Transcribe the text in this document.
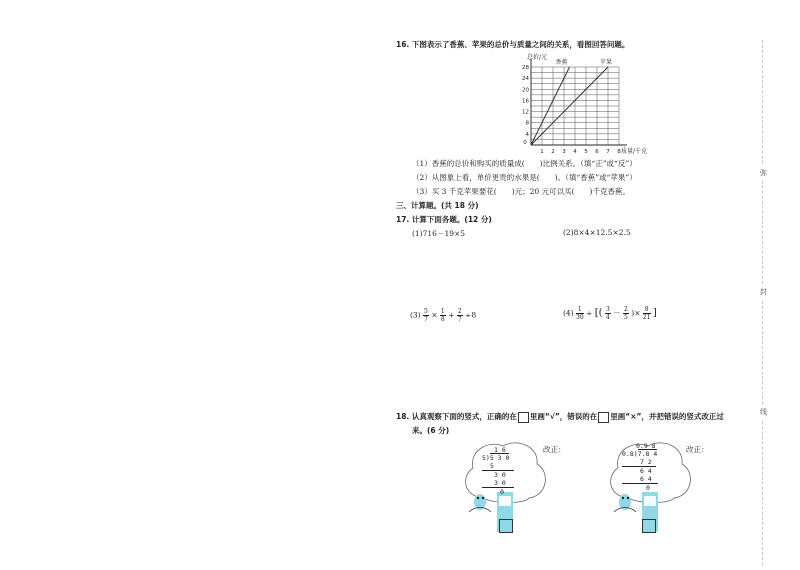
16. 下图表示了香蕉、苹果的总价与质量之间的关系，看图回答问题。
0
1 2 3 4 5 6 7 8
4
8
12
16
20
24
28
总价/元
质量/千克
香蕉	苹果
（1）香蕉的总价和购买的质量成(　　)比例关系。（填“正”或“反”）
（2）从图象上看，单价更贵的水果是(　　)。（填“香蕉”或“苹果”）
（3）买 3 千克苹果要花(　　)元；20 元可以买(　　)千克香蕉。
三、计算题。(共 18 分)
17. 计算下面各题。(12 分)
(1)716－19×5	(2)8×4×12.5×2.5
$(3) \frac{5}{7} \times \frac{1}{8} + \frac{2}{7} \div 8$	$(4) \frac{1}{30}$ ÷ [( $\frac{3}{4} - \frac{2}{5}$ )× $\frac{8}{21}$ ]
18. 认真观察下面的竖式，正确的在 里画“√”，错误的在 里画“×”，并把错误的竖式改正过
来。(6 分)
1 6
5)5 3 0
5
3 0
3 0
0
改正：	0.9 8
0.8)7.8 4
7 2
6 4
6 4
0
改正：
弥
封
线
